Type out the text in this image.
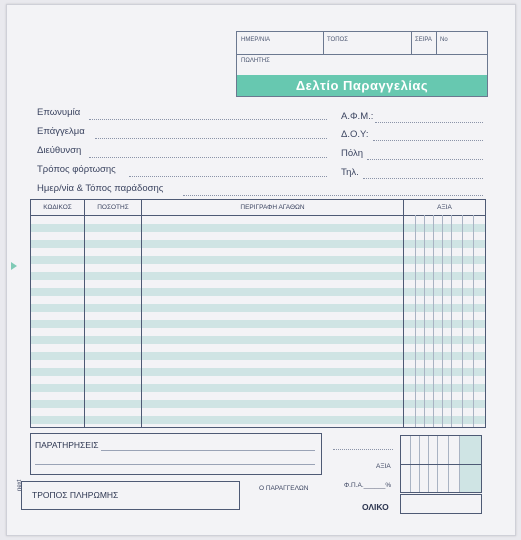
ΗΜΕΡ/ΝΙΑ	ΤΟΠΟΣ	ΣΕΙΡΑ No
ΠΩΛΗΤΗΣ
Δελτίο Παραγγελίας
Επωνυμία
Επάγγελμα
Διεύθυνση
Τρόπος φόρτωσης
Ημερ/νία & Τόπος παράδοσης
Α.Φ.Μ.:
Δ.Ο.Υ:
Πόλη
Τηλ.
ΚΩΔΙΚΟΣ	ΠΟΣΟΤΗΣ	ΠΕΡΙΓΡΑΦΗ ΑΓΑΘΩΝ	ΑΞΙΑ
ΠΑΡΑΤΗΡΗΣΕΙΣ
ΤΡΟΠΟΣ ΠΛΗΡΩΜΗΣ
Ο ΠΑΡΑΓΓΕΛΩΝ
ΑΞΙΑ
Φ.Π.Α.______%
ΟΛΙΚΟ
next
